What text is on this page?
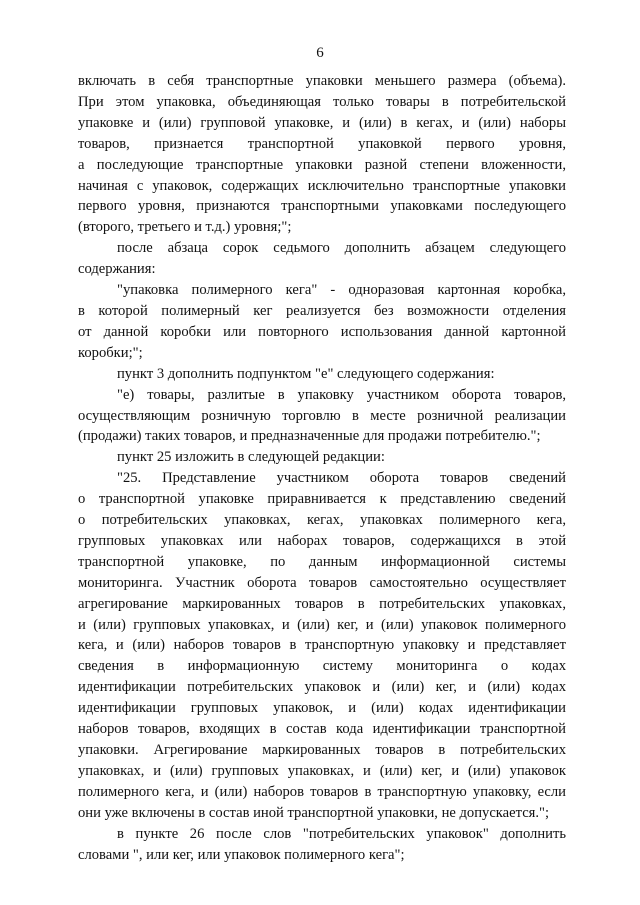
6
включать в себя транспортные упаковки меньшего размера (объема).
При этом упаковка, объединяющая только товары в потребительской
упаковке и (или) групповой упаковке, и (или) в кегах, и (или) наборы
товаров, признается транспортной упаковкой первого уровня,
а последующие транспортные упаковки разной степени вложенности,
начиная с упаковок, содержащих исключительно транспортные упаковки
первого уровня, признаются транспортными упаковками последующего
(второго, третьего и т.д.) уровня;";
после абзаца сорок седьмого дополнить абзацем следующего
содержания:
"упаковка полимерного кега" - одноразовая картонная коробка,
в которой полимерный кег реализуется без возможности отделения
от данной коробки или повторного использования данной картонной
коробки;";
пункт 3 дополнить подпунктом "е" следующего содержания:
"е) товары, разлитые в упаковку участником оборота товаров,
осуществляющим розничную торговлю в месте розничной реализации
(продажи) таких товаров, и предназначенные для продажи потребителю.";
пункт 25 изложить в следующей редакции:
"25. Представление участником оборота товаров сведений
о транспортной упаковке приравнивается к представлению сведений
о потребительских упаковках, кегах, упаковках полимерного кега,
групповых упаковках или наборах товаров, содержащихся в этой
транспортной упаковке, по данным информационной системы
мониторинга. Участник оборота товаров самостоятельно осуществляет
агрегирование маркированных товаров в потребительских упаковках,
и (или) групповых упаковках, и (или) кег, и (или) упаковок полимерного
кега, и (или) наборов товаров в транспортную упаковку и представляет
сведения в информационную систему мониторинга о кодах
идентификации потребительских упаковок и (или) кег, и (или) кодах
идентификации групповых упаковок, и (или) кодах идентификации
наборов товаров, входящих в состав кода идентификации транспортной
упаковки. Агрегирование маркированных товаров в потребительских
упаковках, и (или) групповых упаковках, и (или) кег, и (или) упаковок
полимерного кега, и (или) наборов товаров в транспортную упаковку, если
они уже включены в состав иной транспортной упаковки, не допускается.";
в пункте 26 после слов "потребительских упаковок" дополнить
словами ", или кег, или упаковок полимерного кега";
